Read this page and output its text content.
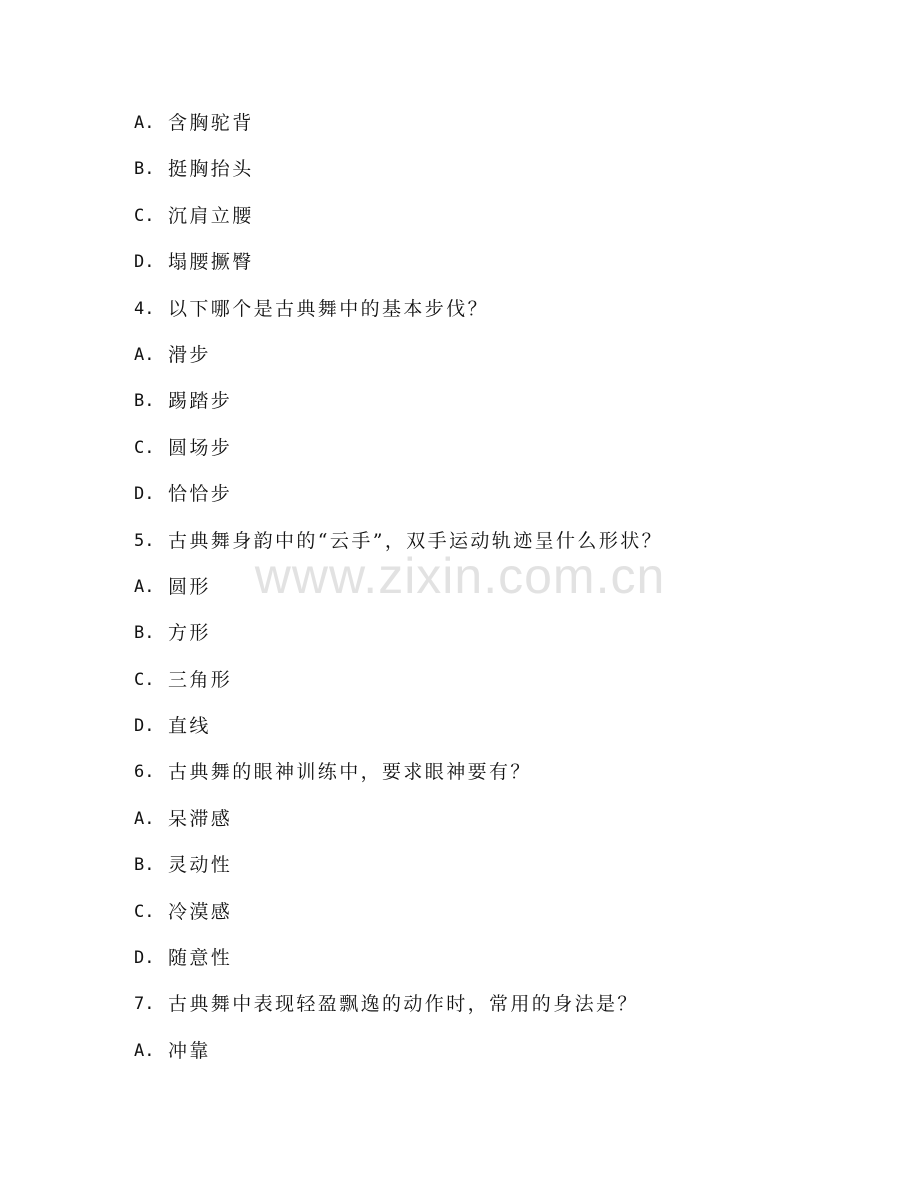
A. 含胸驼背
B. 挺胸抬头
C. 沉肩立腰
D. 塌腰撅臀
4. 以下哪个是古典舞中的基本步伐？
A. 滑步
B. 踢踏步
C. 圆场步
D. 恰恰步
5. 古典舞身韵中的“云手”，双手运动轨迹呈什么形状？
A. 圆形
B. 方形
C. 三角形
D. 直线
6. 古典舞的眼神训练中，要求眼神要有？
A. 呆滞感
B. 灵动性
C. 冷漠感
D. 随意性
7. 古典舞中表现轻盈飘逸的动作时，常用的身法是？
A. 冲靠
www.zixin.com.cn
